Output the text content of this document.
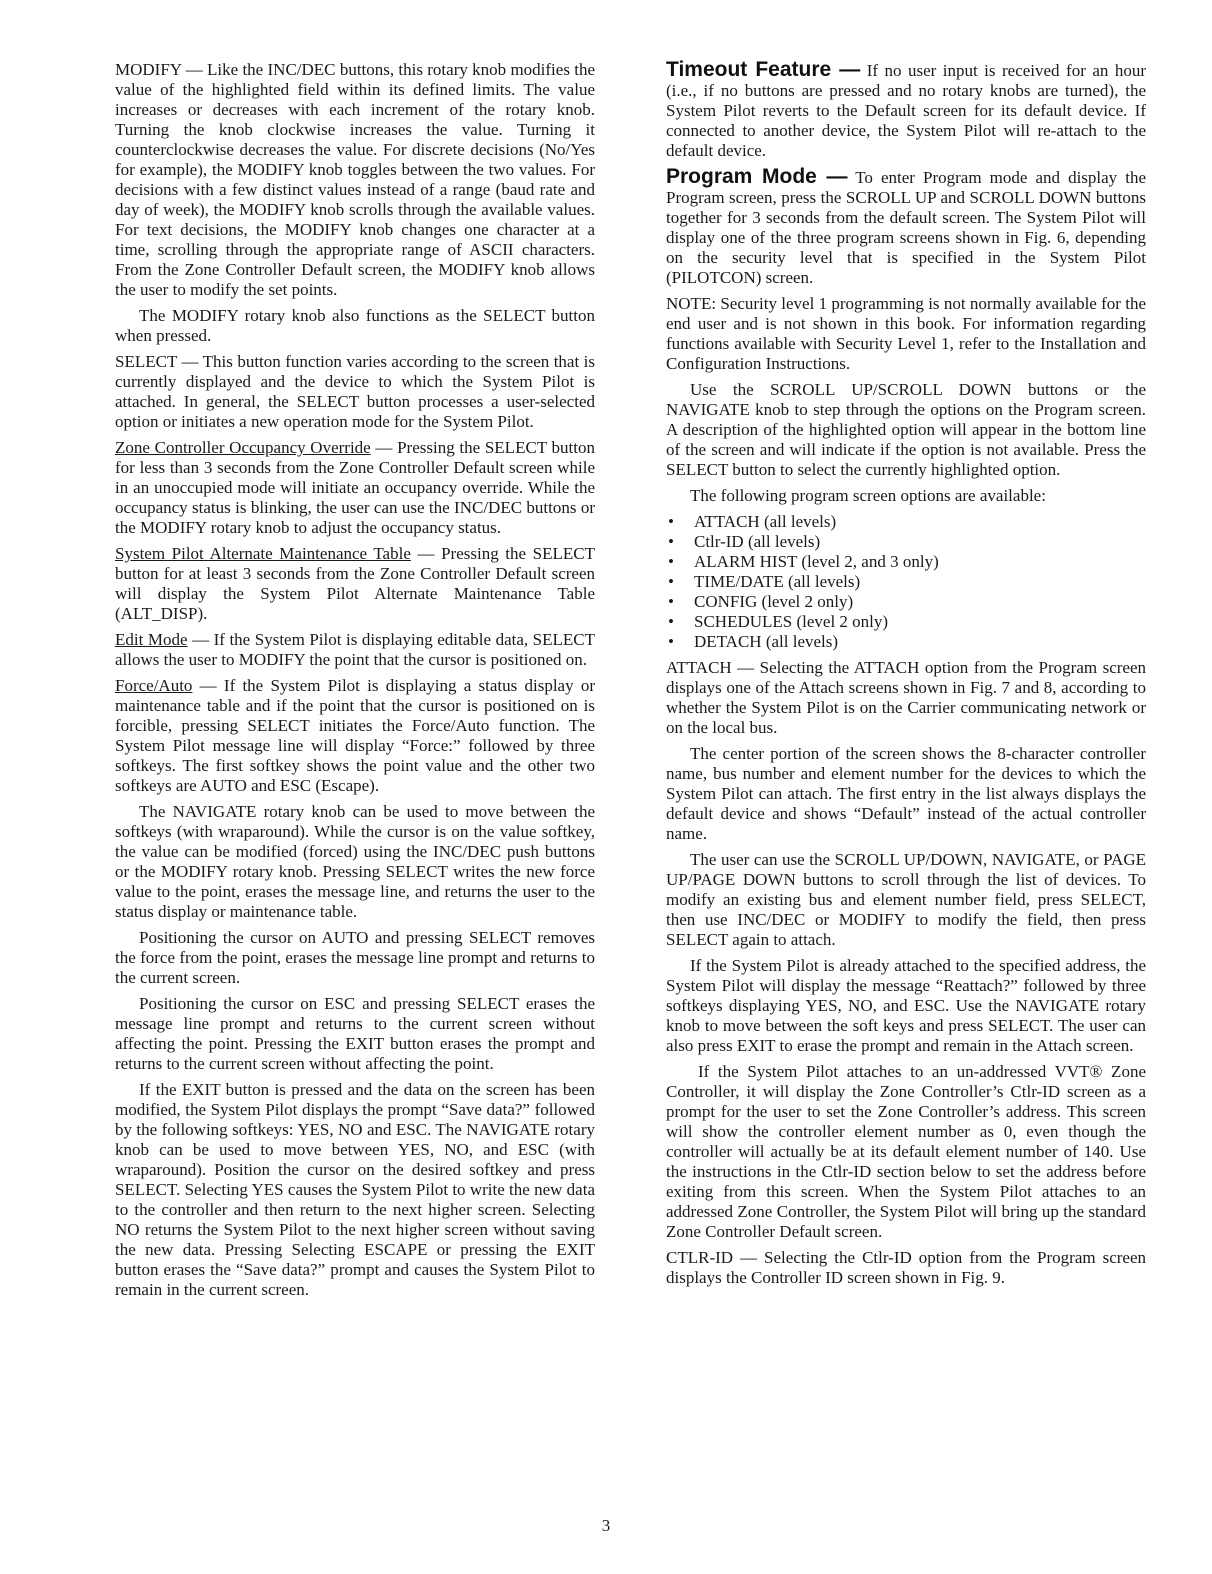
MODIFY — Like the INC/DEC buttons, this rotary knob modifies the value of the highlighted field within its defined limits. The value increases or decreases with each increment of the rotary knob. Turning the knob clockwise increases the value. Turning it counterclockwise decreases the value. For discrete decisions (No/Yes for example), the MODIFY knob toggles between the two values. For decisions with a few distinct values instead of a range (baud rate and day of week), the MODIFY knob scrolls through the available values. For text decisions, the MODIFY knob changes one character at a time, scrolling through the appropriate range of ASCII characters. From the Zone Controller Default screen, the MODIFY knob allows the user to modify the set points.

The MODIFY rotary knob also functions as the SELECT button when pressed.

SELECT — This button function varies according to the screen that is currently displayed and the device to which the System Pilot is attached. In general, the SELECT button processes a user-selected option or initiates a new operation mode for the System Pilot.

Zone Controller Occupancy Override — Pressing the SELECT button for less than 3 seconds from the Zone Controller Default screen while in an unoccupied mode will initiate an occupancy override. While the occupancy status is blinking, the user can use the INC/DEC buttons or the MODIFY rotary knob to adjust the occupancy status.

System Pilot Alternate Maintenance Table — Pressing the SELECT button for at least 3 seconds from the Zone Controller Default screen will display the System Pilot Alternate Maintenance Table (ALT_DISP).

Edit Mode — If the System Pilot is displaying editable data, SELECT allows the user to MODIFY the point that the cursor is positioned on.

Force/Auto — If the System Pilot is displaying a status display or maintenance table and if the point that the cursor is positioned on is forcible, pressing SELECT initiates the Force/Auto function. The System Pilot message line will display “Force:” followed by three softkeys. The first softkey shows the point value and the other two softkeys are AUTO and ESC (Escape).

The NAVIGATE rotary knob can be used to move between the softkeys (with wraparound). While the cursor is on the value softkey, the value can be modified (forced) using the INC/DEC push buttons or the MODIFY rotary knob. Pressing SELECT writes the new force value to the point, erases the message line, and returns the user to the status display or maintenance table.

Positioning the cursor on AUTO and pressing SELECT removes the force from the point, erases the message line prompt and returns to the current screen.

Positioning the cursor on ESC and pressing SELECT erases the message line prompt and returns to the current screen without affecting the point. Pressing the EXIT button erases the prompt and returns to the current screen without affecting the point.

If the EXIT button is pressed and the data on the screen has been modified, the System Pilot displays the prompt “Save data?” followed by the following softkeys: YES, NO and ESC. The NAVIGATE rotary knob can be used to move between YES, NO, and ESC (with wraparound). Position the cursor on the desired softkey and press SELECT. Selecting YES causes the System Pilot to write the new data to the controller and then return to the next higher screen. Selecting NO returns the System Pilot to the next higher screen without saving the new data. Pressing Selecting ESCAPE or pressing the EXIT button erases the “Save data?” prompt and causes the System Pilot to remain in the current screen.

Timeout Feature — If no user input is received for an hour (i.e., if no buttons are pressed and no rotary knobs are turned), the System Pilot reverts to the Default screen for its default device. If connected to another device, the System Pilot will re-attach to the default device.

Program Mode — To enter Program mode and display the Program screen, press the SCROLL UP and SCROLL DOWN buttons together for 3 seconds from the default screen. The System Pilot will display one of the three program screens shown in Fig. 6, depending on the security level that is specified in the System Pilot (PILOTCON) screen.

NOTE: Security level 1 programming is not normally available for the end user and is not shown in this book. For information regarding functions available with Security Level 1, refer to the Installation and Configuration Instructions.

Use the SCROLL UP/SCROLL DOWN buttons or the NAVIGATE knob to step through the options on the Program screen. A description of the highlighted option will appear in the bottom line of the screen and will indicate if the option is not available. Press the SELECT button to select the currently highlighted option.

The following program screen options are available:

• ATTACH (all levels)
• Ctlr-ID (all levels)
• ALARM HIST (level 2, and 3 only)
• TIME/DATE (all levels)
• CONFIG (level 2 only)
• SCHEDULES (level 2 only)
• DETACH (all levels)

ATTACH — Selecting the ATTACH option from the Program screen displays one of the Attach screens shown in Fig. 7 and 8, according to whether the System Pilot is on the Carrier communicating network or on the local bus.

The center portion of the screen shows the 8-character controller name, bus number and element number for the devices to which the System Pilot can attach. The first entry in the list always displays the default device and shows “Default” instead of the actual controller name.

The user can use the SCROLL UP/DOWN, NAVIGATE, or PAGE UP/PAGE DOWN buttons to scroll through the list of devices. To modify an existing bus and element number field, press SELECT, then use INC/DEC or MODIFY to modify the field, then press SELECT again to attach.

If the System Pilot is already attached to the specified address, the System Pilot will display the message “Reattach?” followed by three softkeys displaying YES, NO, and ESC. Use the NAVIGATE rotary knob to move between the soft keys and press SELECT. The user can also press EXIT to erase the prompt and remain in the Attach screen.

If the System Pilot attaches to an un-addressed VVT® Zone Controller, it will display the Zone Controller’s Ctlr-ID screen as a prompt for the user to set the Zone Controller’s address. This screen will show the controller element number as 0, even though the controller will actually be at its default element number of 140. Use the instructions in the Ctlr-ID section below to set the address before exiting from this screen. When the System Pilot attaches to an addressed Zone Controller, the System Pilot will bring up the standard Zone Controller Default screen.

CTLR-ID — Selecting the Ctlr-ID option from the Program screen displays the Controller ID screen shown in Fig. 9.

3
